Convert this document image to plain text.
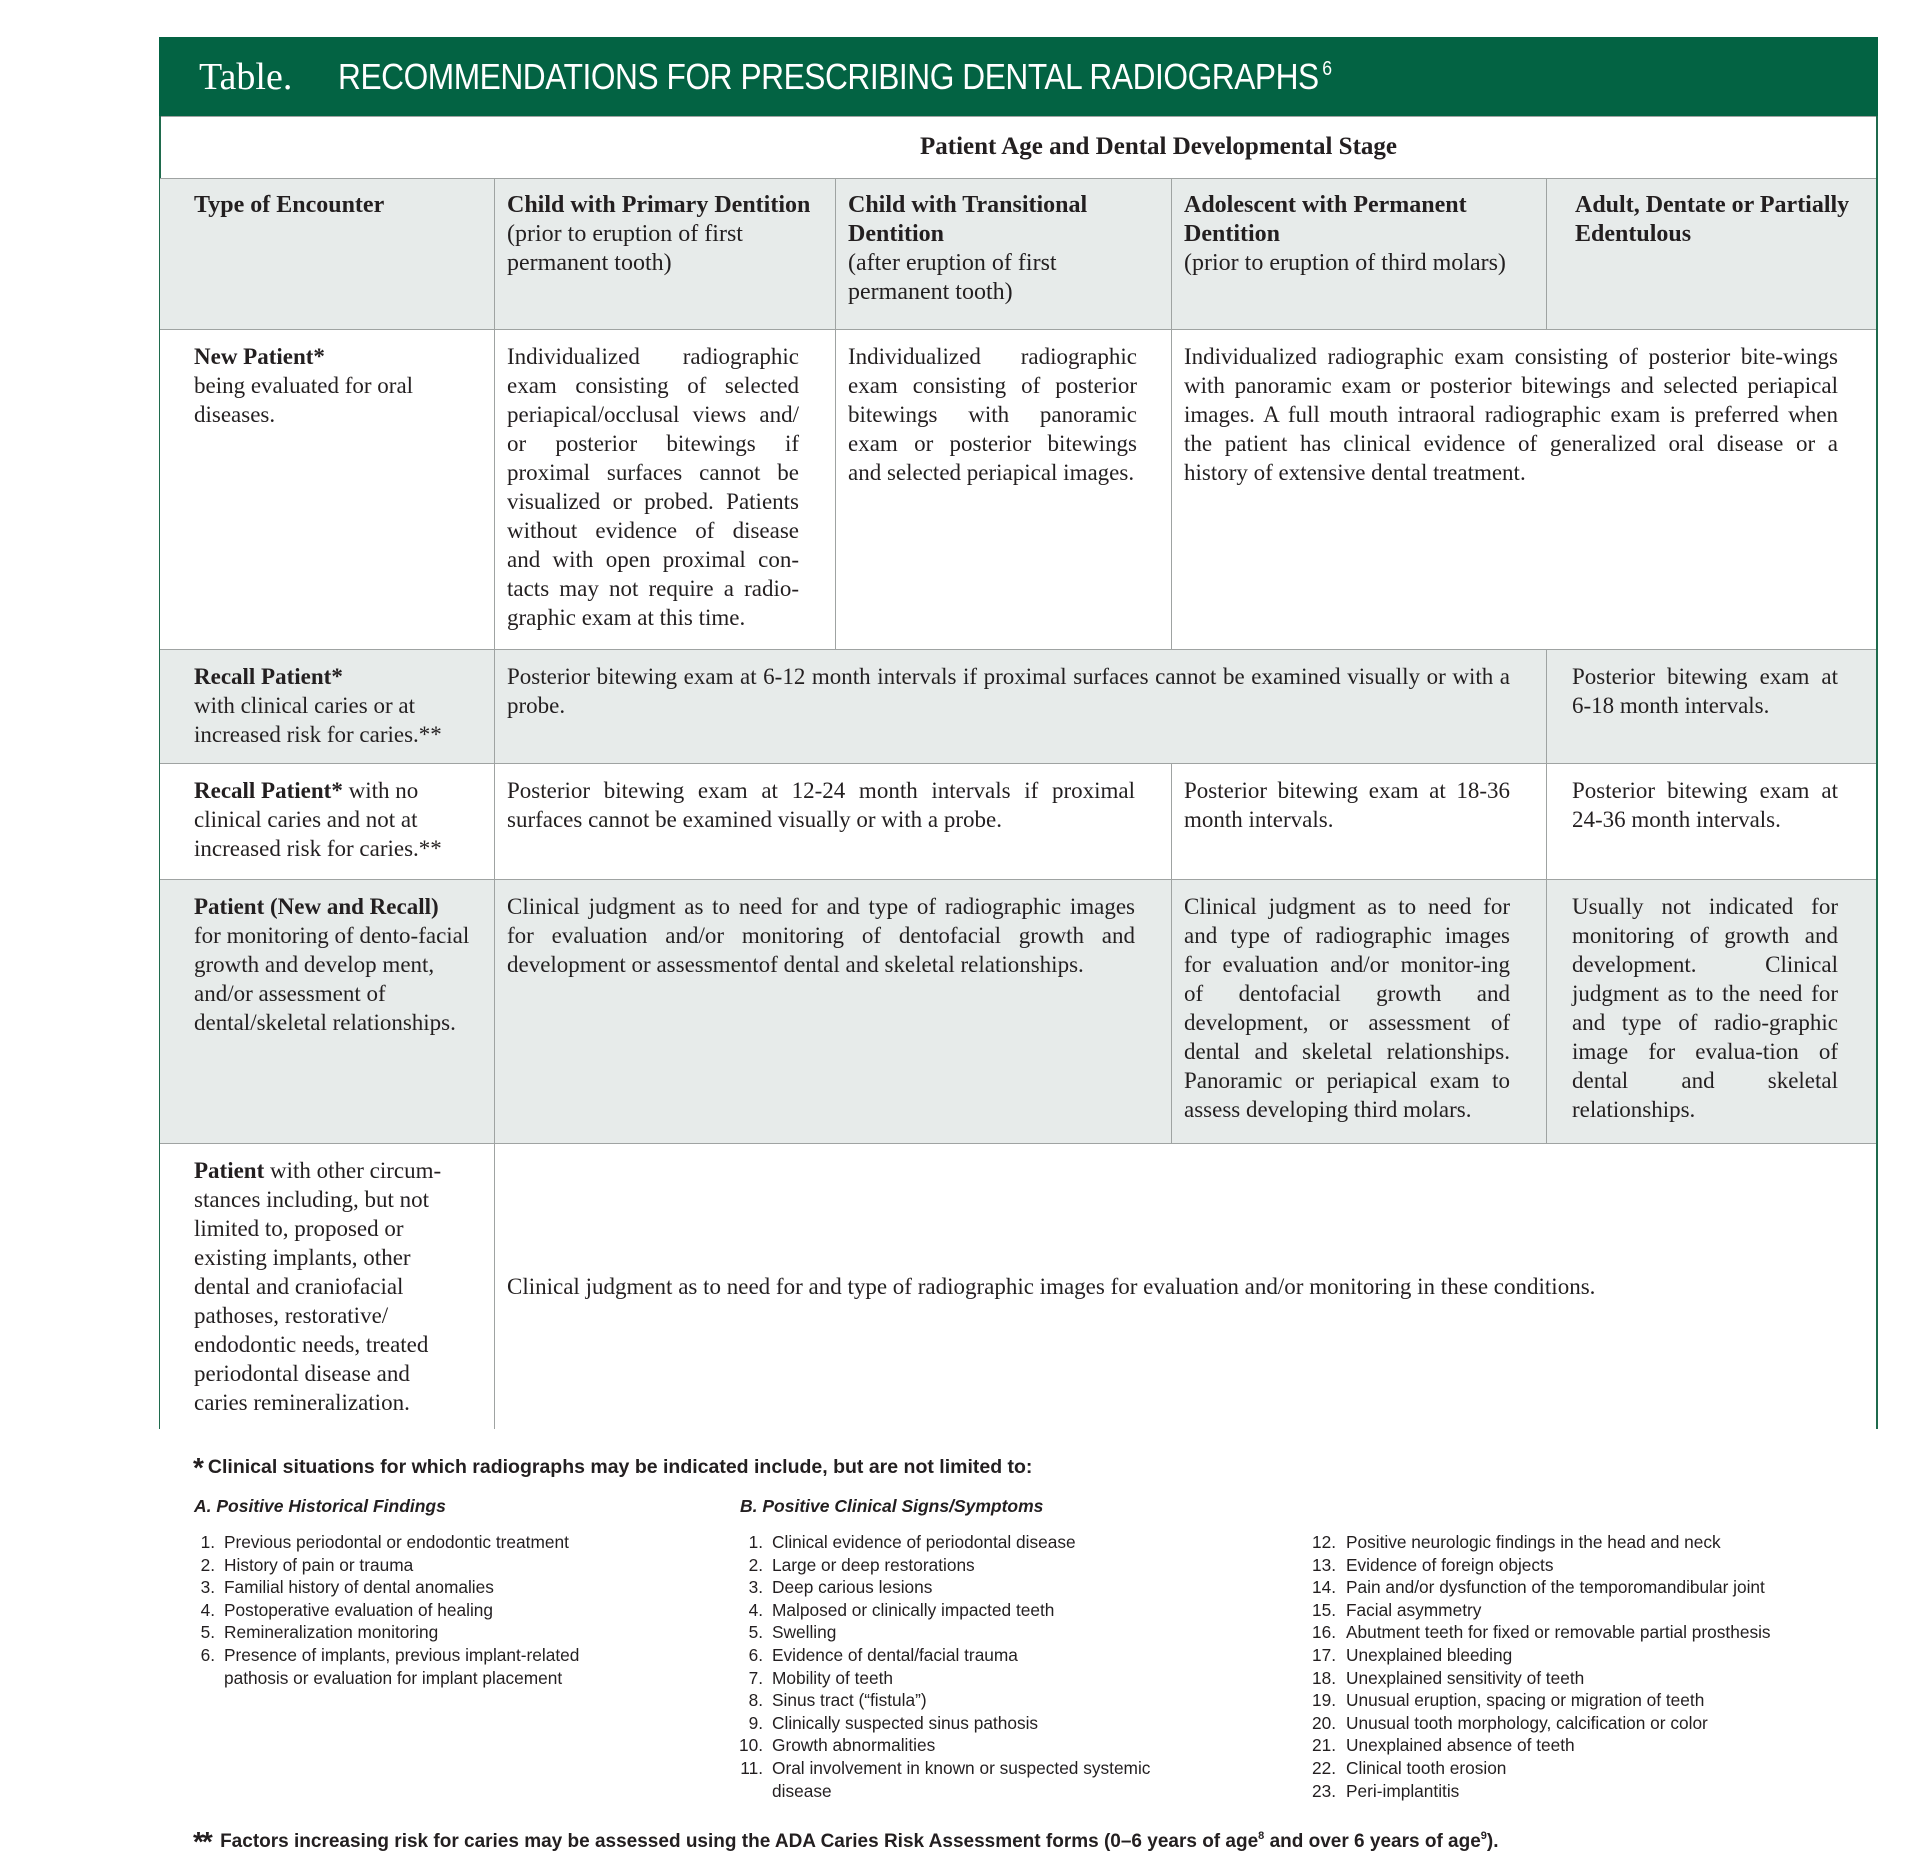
Table. RECOMMENDATIONS FOR PRESCRIBING DENTAL RADIOGRAPHS $^6$
Patient Age and Dental Developmental Stage
Type of Encounter	Child with Primary Dentition
(prior to eruption of first permanent tooth)
Child with Transitional Dentition
(after eruption of first permanent tooth)
Adolescent with Permanent Dentition
(prior to eruption of third molars)
Adult, Dentate or Partially Edentulous
New Patient*
being evaluated for oral diseases.
Individualized radiographic exam consisting of selected periapical/occlusal views and/ or posterior bitewings if proximal surfaces cannot be visualized or probed. Patients without evidence of disease and with open proximal con-tacts may not require a radio-graphic exam at this time.
Individualized radiographic exam consisting of posterior bitewings with panoramic exam or posterior bitewings and selected periapical images.
Individualized radiographic exam consisting of posterior bite-wings with panoramic exam or posterior bitewings and selected periapical images. A full mouth intraoral radiographic exam is preferred when the patient has clinical evidence of generalized oral disease or a history of extensive dental treatment.
Recall Patient*
with clinical caries or at increased risk for caries.**
Posterior bitewing exam at 6-12 month intervals if proximal surfaces cannot be examined visually or with a probe.
Posterior bitewing exam at 6-18 month intervals.
Recall Patient* with no clinical caries and not at increased risk for caries.**
Posterior bitewing exam at 12-24 month intervals if proximal surfaces cannot be examined visually or with a probe.
Posterior bitewing exam at 18-36 month intervals.
Posterior bitewing exam at 24-36 month intervals.
Patient (New and Recall)
for monitoring of dento-facial growth and develop ment, and/or assessment of dental/skeletal relationships.
Clinical judgment as to need for and type of radiographic images for evaluation and/or monitoring of dentofacial growth and development or assessmentof dental and skeletal relationships.
Clinical judgment as to need for and type of radiographic images for evaluation and/or monitor-ing of dentofacial growth and development, or assessment of dental and skeletal relationships. Panoramic or periapical exam to assess developing third molars.
Usually not indicated for monitoring of growth and development. Clinical judgment as to the need for and type of radio-graphic image for evalua-tion of dental and skeletal relationships.
Patient with other circum-stances including, but not limited to, proposed or existing implants, other dental and craniofacial pathoses, restorative/ endodontic needs, treated periodontal disease and caries remineralization.
Clinical judgment as to need for and type of radiographic images for evaluation and/or monitoring in these conditions.
* Clinical situations for which radiographs may be indicated include, but are not limited to:
A. Positive Historical Findings
1. Previous periodontal or endodontic treatment
2. History of pain or trauma
3. Familial history of dental anomalies
4. Postoperative evaluation of healing
5. Remineralization monitoring
6. Presence of implants, previous implant-related pathosis or evaluation for implant placement
B. Positive Clinical Signs/Symptoms
1. Clinical evidence of periodontal disease
2. Large or deep restorations
3. Deep carious lesions
4. Malposed or clinically impacted teeth
5. Swelling
6. Evidence of dental/facial trauma
7. Mobility of teeth
8. Sinus tract (“fistula”)
9. Clinically suspected sinus pathosis
10. Growth abnormalities
11. Oral involvement in known or suspected systemic disease
12. Positive neurologic findings in the head and neck
13. Evidence of foreign objects
14. Pain and/or dysfunction of the temporomandibular joint
15. Facial asymmetry
16. Abutment teeth for fixed or removable partial prosthesis
17. Unexplained bleeding
18. Unexplained sensitivity of teeth
19. Unusual eruption, spacing or migration of teeth
20. Unusual tooth morphology, calcification or color
21. Unexplained absence of teeth
22. Clinical tooth erosion
23. Peri-implantitis
** Factors increasing risk for caries may be assessed using the ADA Caries Risk Assessment forms (0–6 years of age$^8$ and over 6 years of age$^9$).
